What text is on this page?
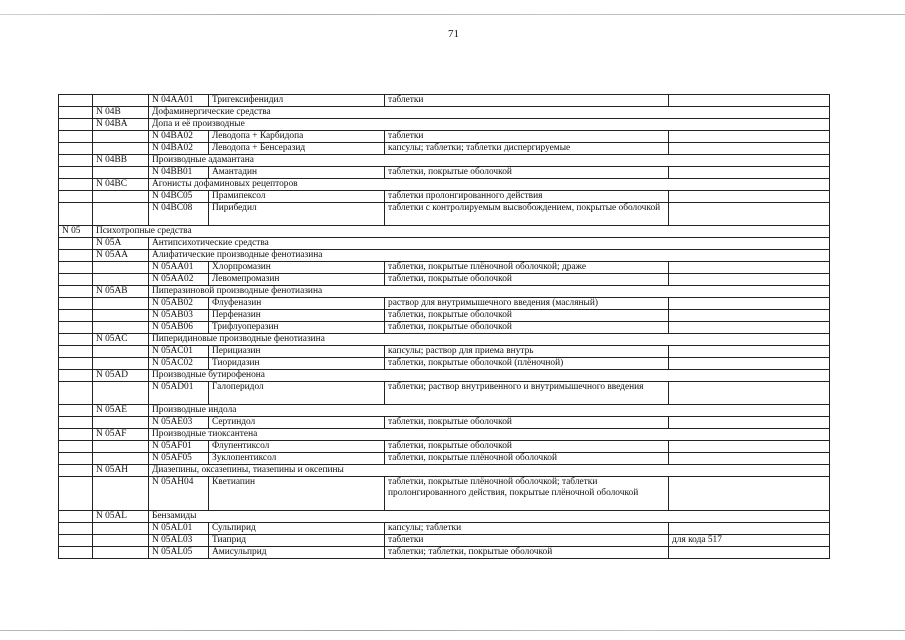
71
		N 04AA01	Тригексифенидил	таблетки	
	N 04B	Дофаминергические средства			
	N 04BA	Допа и её производные			
		N 04BA02	Леводопа + Карбидопа	таблетки	
		N 04BA02	Леводопа + Бенсеразид	капсулы; таблетки; таблетки диспергируемые	
	N 04BB	Производные адамантана			
		N 04BB01	Амантадин	таблетки, покрытые оболочкой	
	N 04BC	Агонисты дофаминовых рецепторов			
		N 04BC05	Прамипексол	таблетки пролонгированного действия	
		N 04BC08	Пирибедил	таблетки с контролируемым высвобождением, покрытые оболочкой	
N 05	Психотропные средства				
	N 05A	Антипсихотические средства			
	N 05AA	Алифатические производные фенотиазина			
		N 05AA01	Хлорпромазин	таблетки, покрытые плёночной оболочкой; драже	
		N 05AA02	Левомепромазин	таблетки, покрытые оболочкой	
	N 05AB	Пиперазиновой производные фенотиазина			
		N 05AB02	Флуфеназин	раствор для внутримышечного введения (масляный)	
		N 05AB03	Перфеназин	таблетки, покрытые оболочкой	
		N 05AB06	Трифлуоперазин	таблетки, покрытые оболочкой	
	N 05AC	Пиперидиновые производные фенотиазина			
		N 05AC01	Перициазин	капсулы; раствор для приема внутрь	
		N 05AC02	Тиоридазин	таблетки, покрытые оболочкой (плёночной)	
	N 05AD	Производные бутирофенона			
		N 05AD01	Галоперидол	таблетки; раствор внутривенного и внутримышечного введения	
	N 05AE	Производные индола			
		N 05AE03	Сертиндол	таблетки, покрытые оболочкой	
	N 05AF	Производные тиоксантена			
		N 05AF01	Флупентиксол	таблетки, покрытые оболочкой	
		N 05AF05	Зуклопентиксол	таблетки, покрытые плёночной оболочкой	
	N 05AH	Диазепины, оксазепины, тиазепины и оксепины			
		N 05AH04	Кветиапин	таблетки, покрытые плёночной оболочкой; таблетки пролонгированного действия, покрытые плёночной оболочкой	
	N 05AL	Бензамиды			
		N 05AL01	Сульпирид	капсулы; таблетки	
		N 05AL03	Тиаприд	таблетки	для кода 517
		N 05AL05	Амисульприд	таблетки; таблетки, покрытые оболочкой	
